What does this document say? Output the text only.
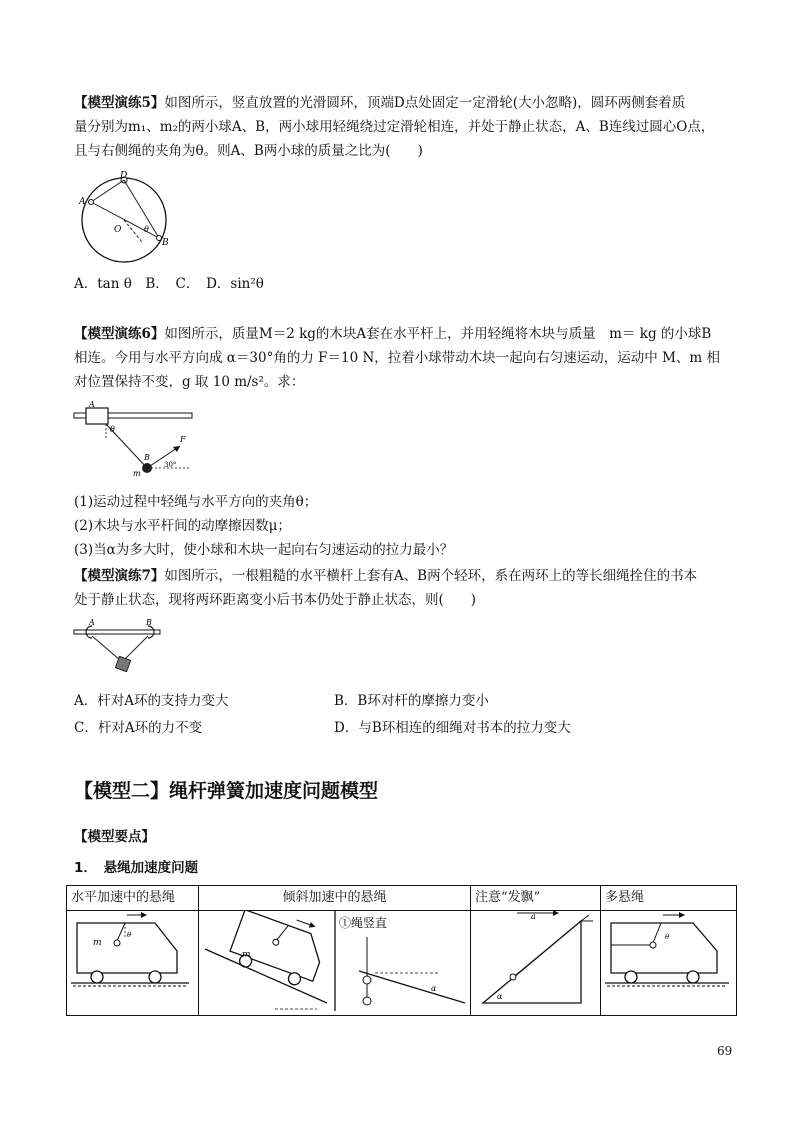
【模型演练5】如图所示，竖直放置的光滑圆环，顶端D点处固定一定滑轮(大小忽略)，圆环两侧套着质
量分别为m₁、m₂的两小球A、B，两小球用轻绳绕过定滑轮相连，并处于静止状态，A、B连线过圆心O点，
且与右侧绳的夹角为θ。则A、B两小球的质量之比为(　　)
D
A
O	θ
B
A．tan θ　B．　C．　D．sin²θ
【模型演练6】如图所示，质量M＝2 kg的木块A套在水平杆上，并用轻绳将木块与质量　m＝ kg 的小球B
相连。今用与水平方向成 α＝30°角的力 F＝10 N，拉着小球带动木块一起向右匀速运动，运动中 M、m 相
对位置保持不变，g 取 10 m/s²。求：
A
θ
F
B
m
30°
(1)运动过程中轻绳与水平方向的夹角θ；
(2)木块与水平杆间的动摩擦因数μ；
(3)当α为多大时，使小球和木块一起向右匀速运动的拉力最小？
【模型演练7】如图所示，一根粗糙的水平横杆上套有A、B两个轻环，系在两环上的等长细绳拴住的书本
处于静止状态，现将两环距离变小后书本仍处于静止状态，则(　　)
A	B
A．杆对A环的支持力变大	B．B环对杆的摩擦力变小
C．杆对A环的力不变	D．与B环相连的细绳对书本的拉力变大
【模型二】绳杆弹簧加速度问题模型
【模型要点】
1．　悬绳加速度问题
水平加速中的悬绳	倾斜加速中的悬绳	注意“发飘”	多悬绳

m
θ	m
①绳竖直
α	a
α	θ
69
